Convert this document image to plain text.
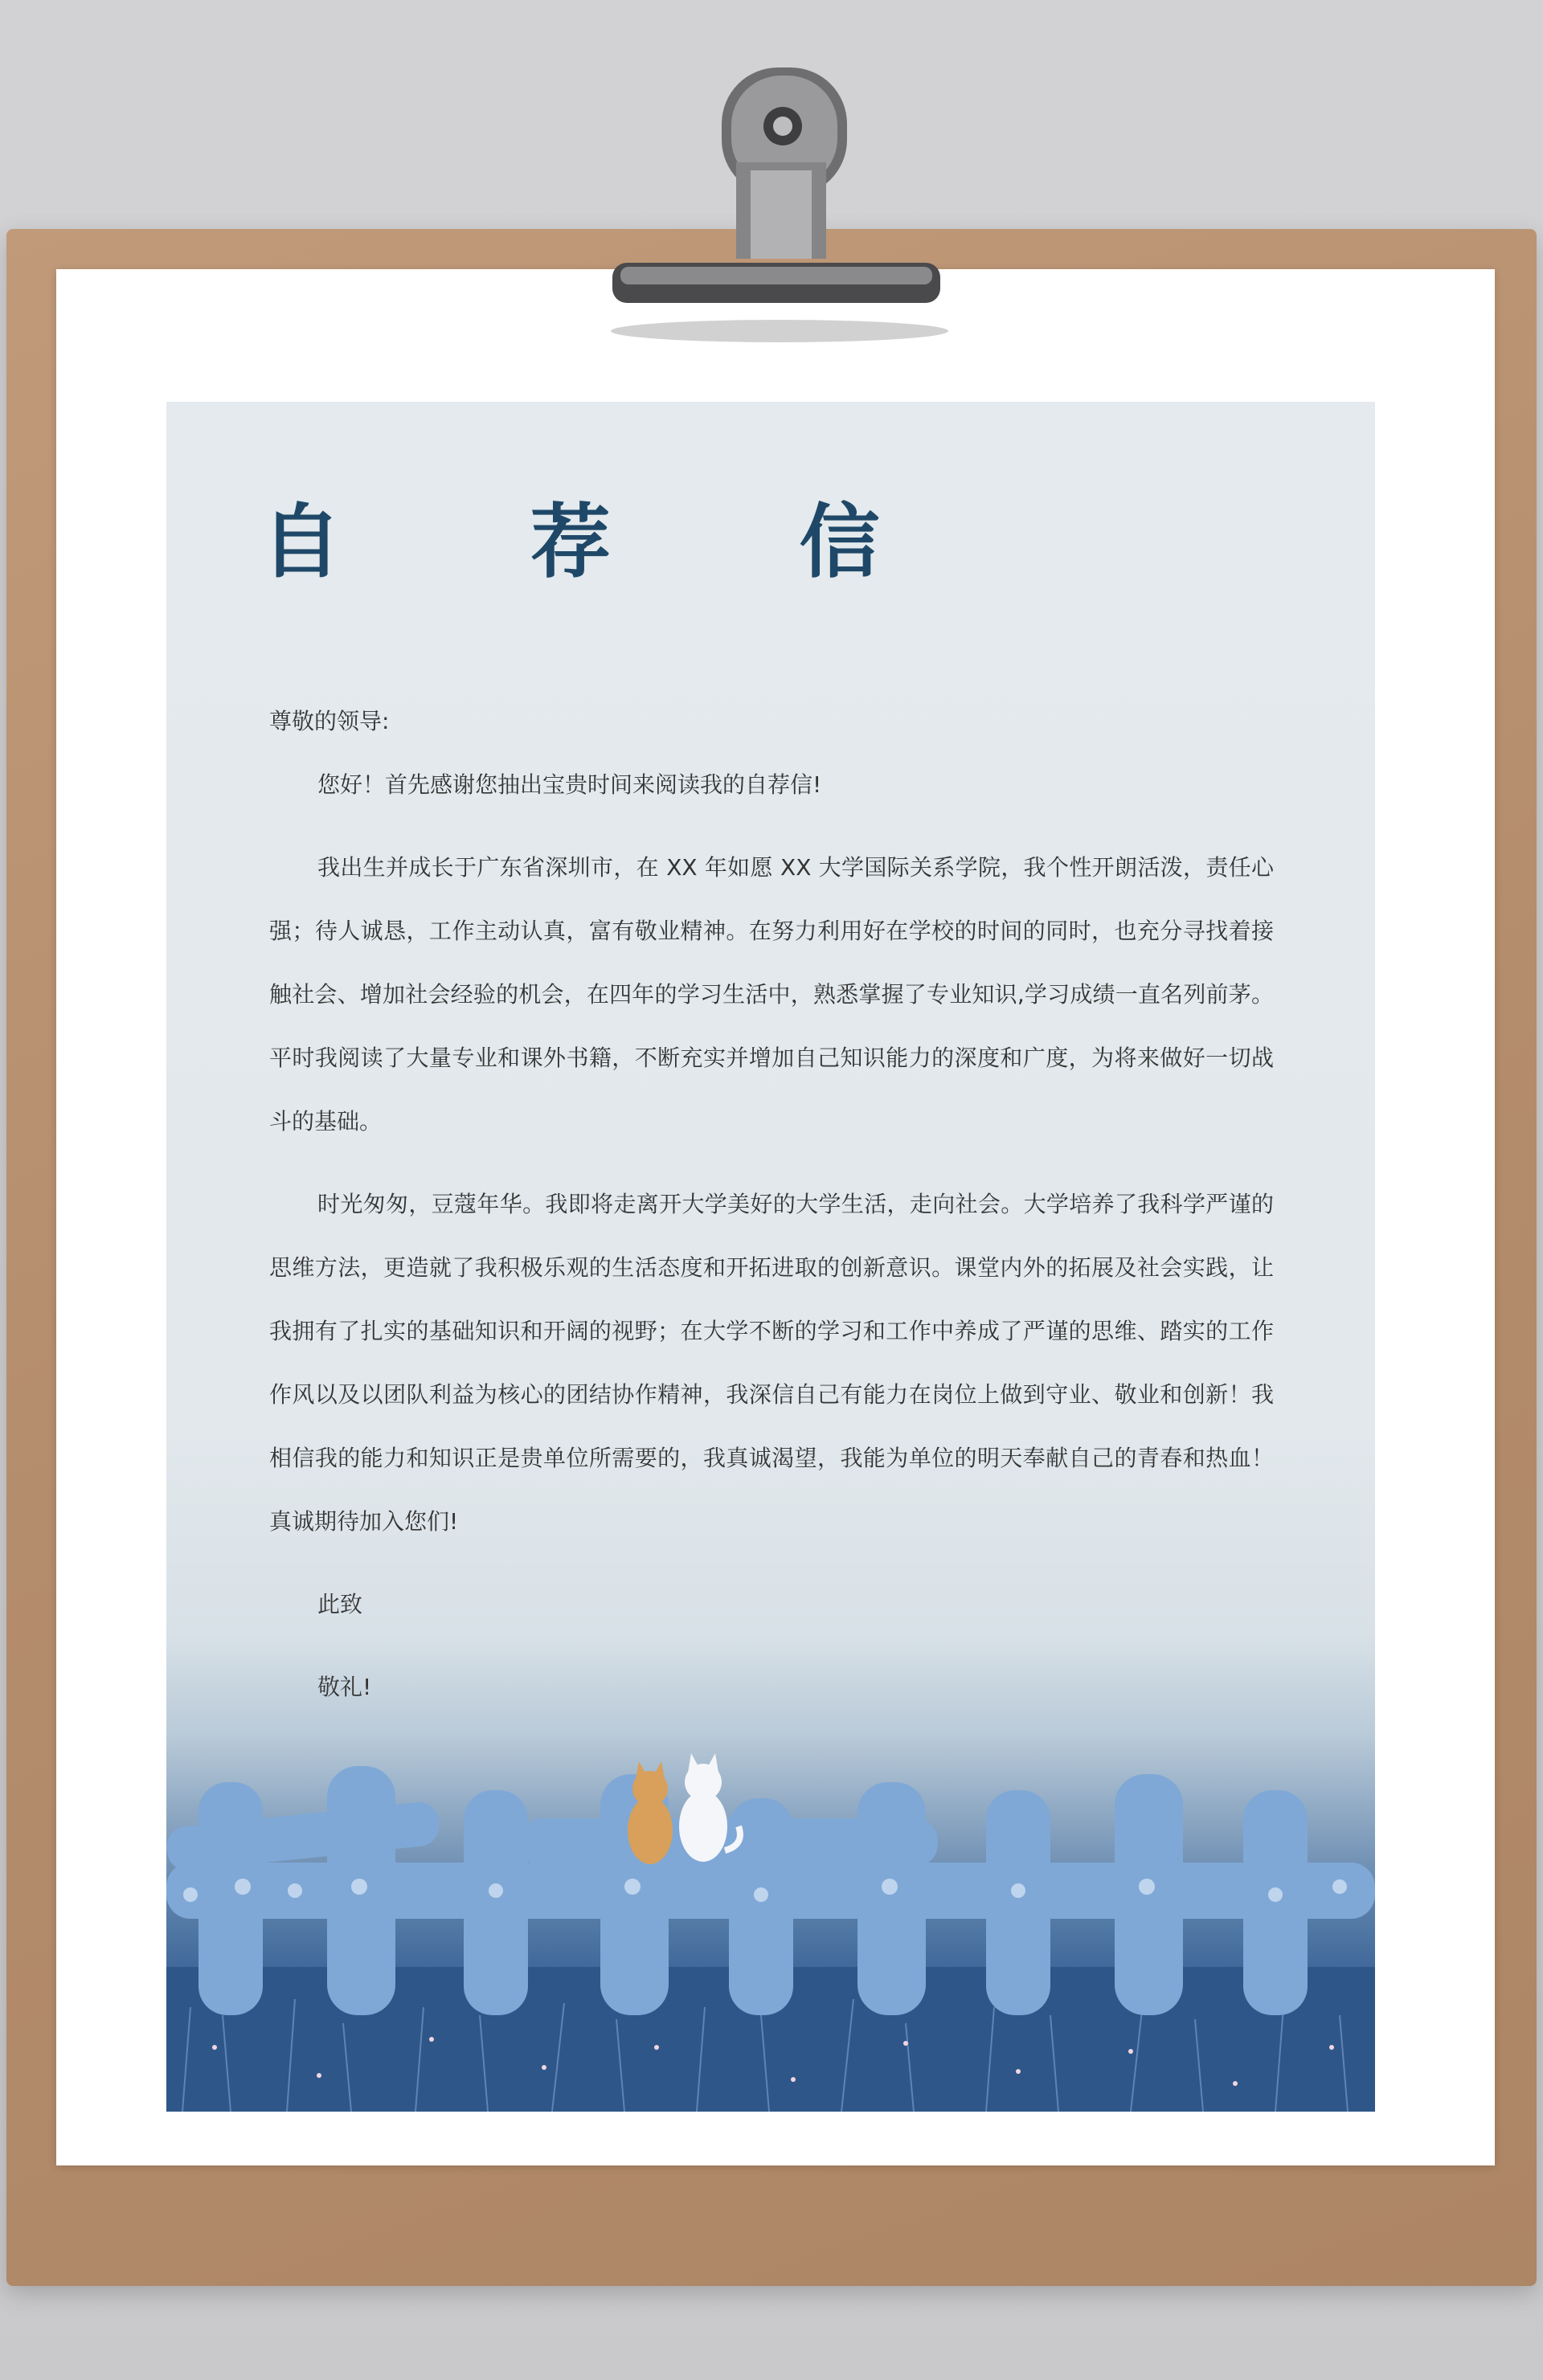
自 荐 信

尊敬的领导:

您好！首先感谢您抽出宝贵时间来阅读我的自荐信!

我出生并成长于广东省深圳市，在 XX 年如愿 XX 大学国际关系学院，我个性开朗活泼，责任心强；待人诚恳，工作主动认真，富有敬业精神。在努力利用好在学校的时间的同时，也充分寻找着接触社会、增加社会经验的机会，在四年的学习生活中，熟悉掌握了专业知识,学习成绩一直名列前茅。平时我阅读了大量专业和课外书籍，不断充实并增加自己知识能力的深度和广度，为将来做好一切战斗的基础。

时光匆匆，豆蔻年华。我即将走离开大学美好的大学生活，走向社会。大学培养了我科学严谨的思维方法，更造就了我积极乐观的生活态度和开拓进取的创新意识。课堂内外的拓展及社会实践，让我拥有了扎实的基础知识和开阔的视野；在大学不断的学习和工作中养成了严谨的思维、踏实的工作作风以及以团队利益为核心的团结协作精神，我深信自己有能力在岗位上做到守业、敬业和创新！我相信我的能力和知识正是贵单位所需要的，我真诚渴望，我能为单位的明天奉献自己的青春和热血！真诚期待加入您们!

此致

敬礼!
